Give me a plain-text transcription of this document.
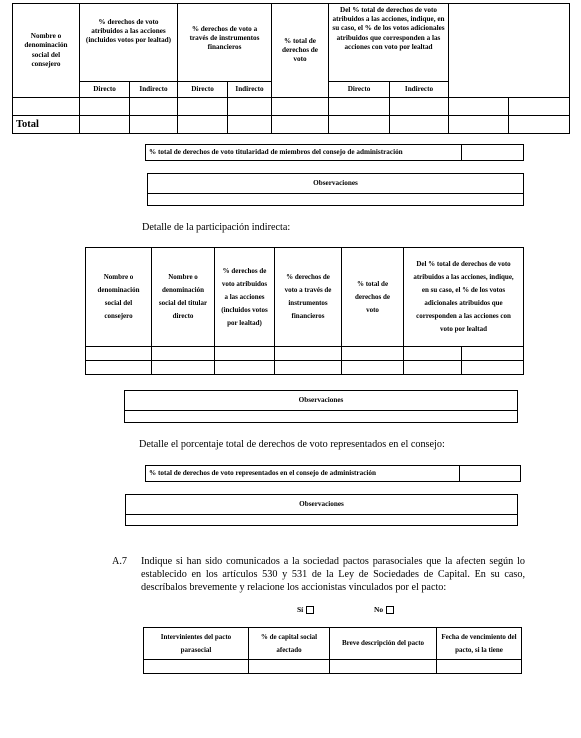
Nombre o denominación social del consejero	% derechos de voto atribuidos a las acciones (incluidos votos por lealtad)		% derechos de voto a través de instrumentos financieros		% total de derechos de voto	Del % total de derechos de voto atribuidos a las acciones, indique, en su caso, el % de los votos adicionales atribuidos que corresponden a las acciones con voto por lealtad			
	Directo	Indirecto	Directo	Indirecto		Directo	Indirecto		

Total									
% total de derechos de voto titularidad de miembros del consejo de administración	
Observaciones

Detalle de la participación indirecta:
Nombre o denominación social del consejero	Nombre o denominación social del titular directo	% derechos de voto atribuidos a las acciones (incluidos votos por lealtad)	% derechos de voto a través de instrumentos financieros	% total de derechos de voto	Del % total de derechos de voto atribuidos a las acciones, indique, en su caso, el % de los votos adicionales atribuidos que corresponden a las acciones con voto por lealtad	

Observaciones

Detalle el porcentaje total de derechos de voto representados en el consejo:
% total de derechos de voto representados en el consejo de administración	
Observaciones

A.7 Indique si han sido comunicados a la sociedad pactos parasociales que la afecten según lo establecido en los artículos 530 y 531 de la Ley de Sociedades de Capital. En su caso, descríbalos brevemente y relacione los accionistas vinculados por el pacto:
Sí	No
Intervinientes del pacto parasocial	% de capital social afectado	Breve descripción del pacto	Fecha de vencimiento del pacto, si la tiene
